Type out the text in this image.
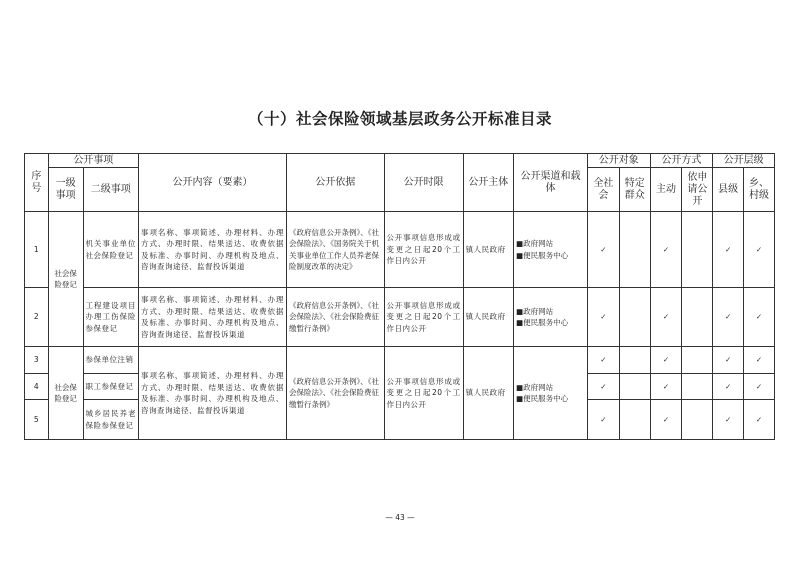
（十）社会保险领域基层政务公开标准目录
序号	公开事项		公开内容（要素）	公开依据	公开时限	公开主体	公开渠道和载体	公开对象		公开方式		公开层级	
	一级事项	二级事项						全社会	特定群众	主动	依申请公开	县级	乡、村级
1	社会保险登记	机关事业单位社会保险登记	事项名称、事项简述、办理材料、办理方式、办理时限、结果送达、收费依据及标准、办事时间、办理机构及地点、咨询查询途径、监督投诉渠道	《政府信息公开条例》、《社会保险法》、《国务院关于机关事业单位工作人员养老保险制度改革的决定》	公开事项信息形成或变更之日起20个工作日内公开	镇人民政府	■政府网站
■便民服务中心	✓		✓		✓	✓
2		工程建设项目办理工伤保险参保登记	事项名称、事项简述、办理材料、办理方式、办理时限、结果送达、收费依据及标准、办事时间、办理机构及地点、咨询查询途径、监督投诉渠道	《政府信息公开条例》、《社会保险法》、《社会保险费征缴暂行条例》	公开事项信息形成或变更之日起20个工作日内公开	镇人民政府	■政府网站
■便民服务中心	✓		✓		✓	✓
3	社会保险登记	参保单位注销	事项名称、事项简述、办理材料、办理方式、办理时限、结果送达、收费依据及标准、办事时间、办理机构及地点、咨询查询途径、监督投诉渠道	《政府信息公开条例》、《社会保险法》、《社会保险费征缴暂行条例》	公开事项信息形成或变更之日起20个工作日内公开	镇人民政府	■政府网站
■便民服务中心	✓		✓		✓	✓
4		职工参保登记						✓		✓		✓	✓
5		城乡居民养老保险参保登记						✓		✓		✓	✓
— 43 —
